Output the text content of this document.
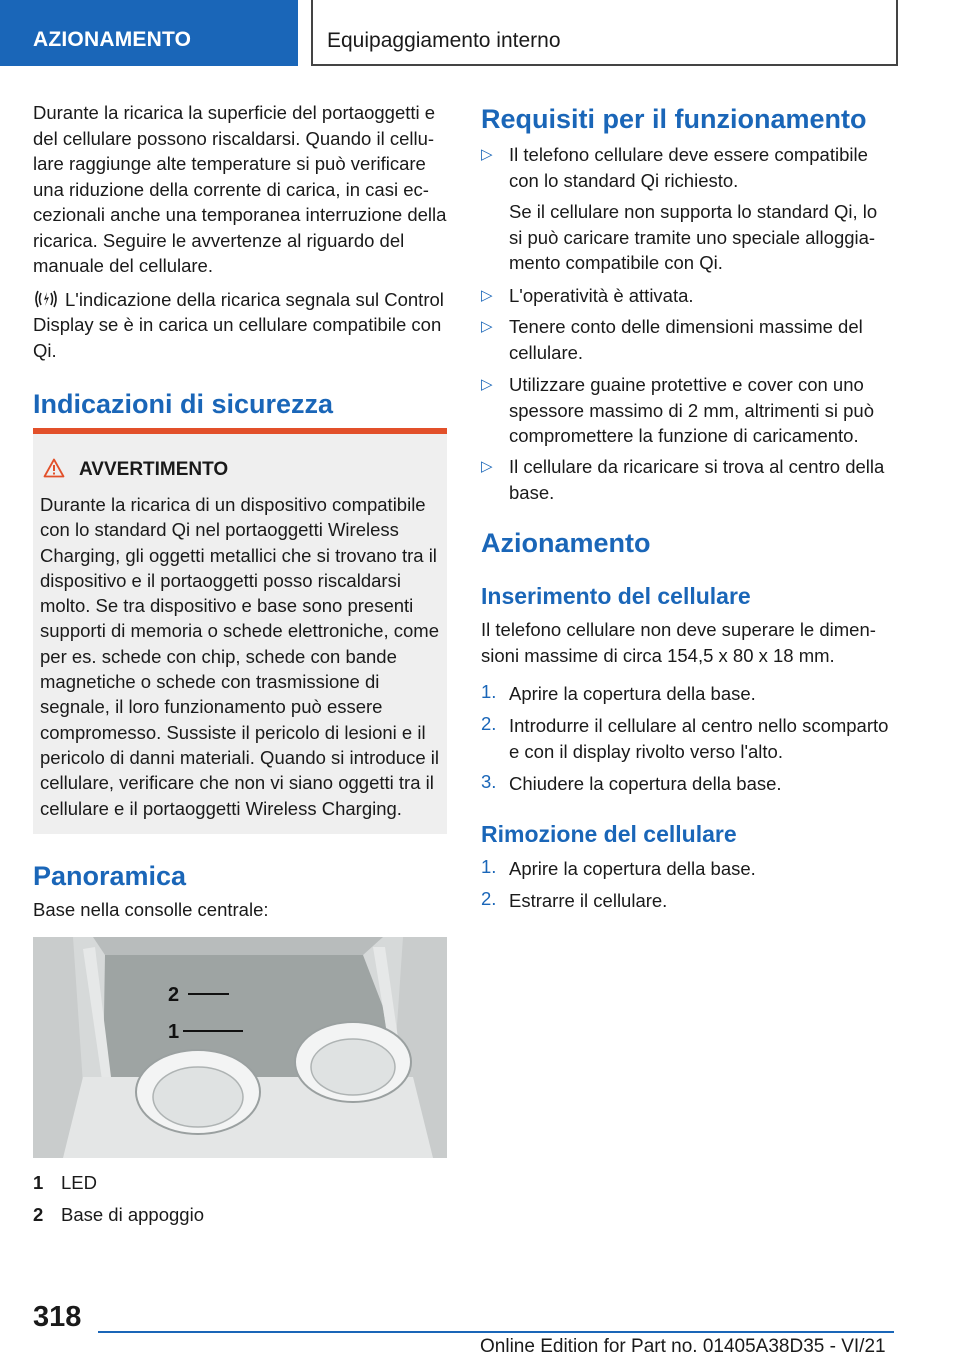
AZIONAMENTO	Equipaggiamento interno

Durante la ricarica la superficie del portaoggetti e del cellulare possono riscaldarsi. Quando il cellulare raggiunge alte temperature si può verificare una riduzione della corrente di carica, in casi eccezionali anche una temporanea interruzione della ricarica. Seguire le avvertenze al riguardo del manuale del cellulare.

L'indicazione della ricarica segnala sul Control Display se è in carica un cellulare compatibile con Qi.

Indicazioni di sicurezza
AVVERTIMENTO
Durante la ricarica di un dispositivo compatibile con lo standard Qi nel portaoggetti Wireless Charging, gli oggetti metallici che si trovano tra il dispositivo e il portaoggetti posso riscaldarsi molto. Se tra dispositivo e base sono presenti supporti di memoria o schede elettroniche, come per es. schede con chip, schede con bande magnetiche o schede con trasmissione di segnale, il loro funzionamento può essere compromesso. Sussiste il pericolo di lesioni e il pericolo di danni materiali. Quando si introduce il cellulare, verificare che non vi siano oggetti tra il cellulare e il portaoggetti Wireless Charging.
Panoramica

Base nella consolle centrale:

2
1
1 LED
2 Base di appoggio
Requisiti per il funzionamento
▷ Il telefono cellulare deve essere compatibile con lo standard Qi richiesto.
Se il cellulare non supporta lo standard Qi, lo si può caricare tramite uno speciale alloggiamento compatibile con Qi.
▷ L'operatività è attivata.
▷ Tenere conto delle dimensioni massime del cellulare.
▷ Utilizzare guaine protettive e cover con uno spessore massimo di 2 mm, altrimenti si può compromettere la funzione di caricamento.
▷ Il cellulare da ricaricare si trova al centro della base.
Azionamento
Inserimento del cellulare

Il telefono cellulare non deve superare le dimensioni massime di circa 154,5 x 80 x 18 mm.

1. Aprire la copertura della base.
2. Introdurre il cellulare al centro nello scomparto e con il display rivolto verso l'alto.
3. Chiudere la copertura della base.
Rimozione del cellulare
1. Aprire la copertura della base.
2. Estrarre il cellulare.
318
Online Edition for Part no. 01405A38D35 - VI/21
